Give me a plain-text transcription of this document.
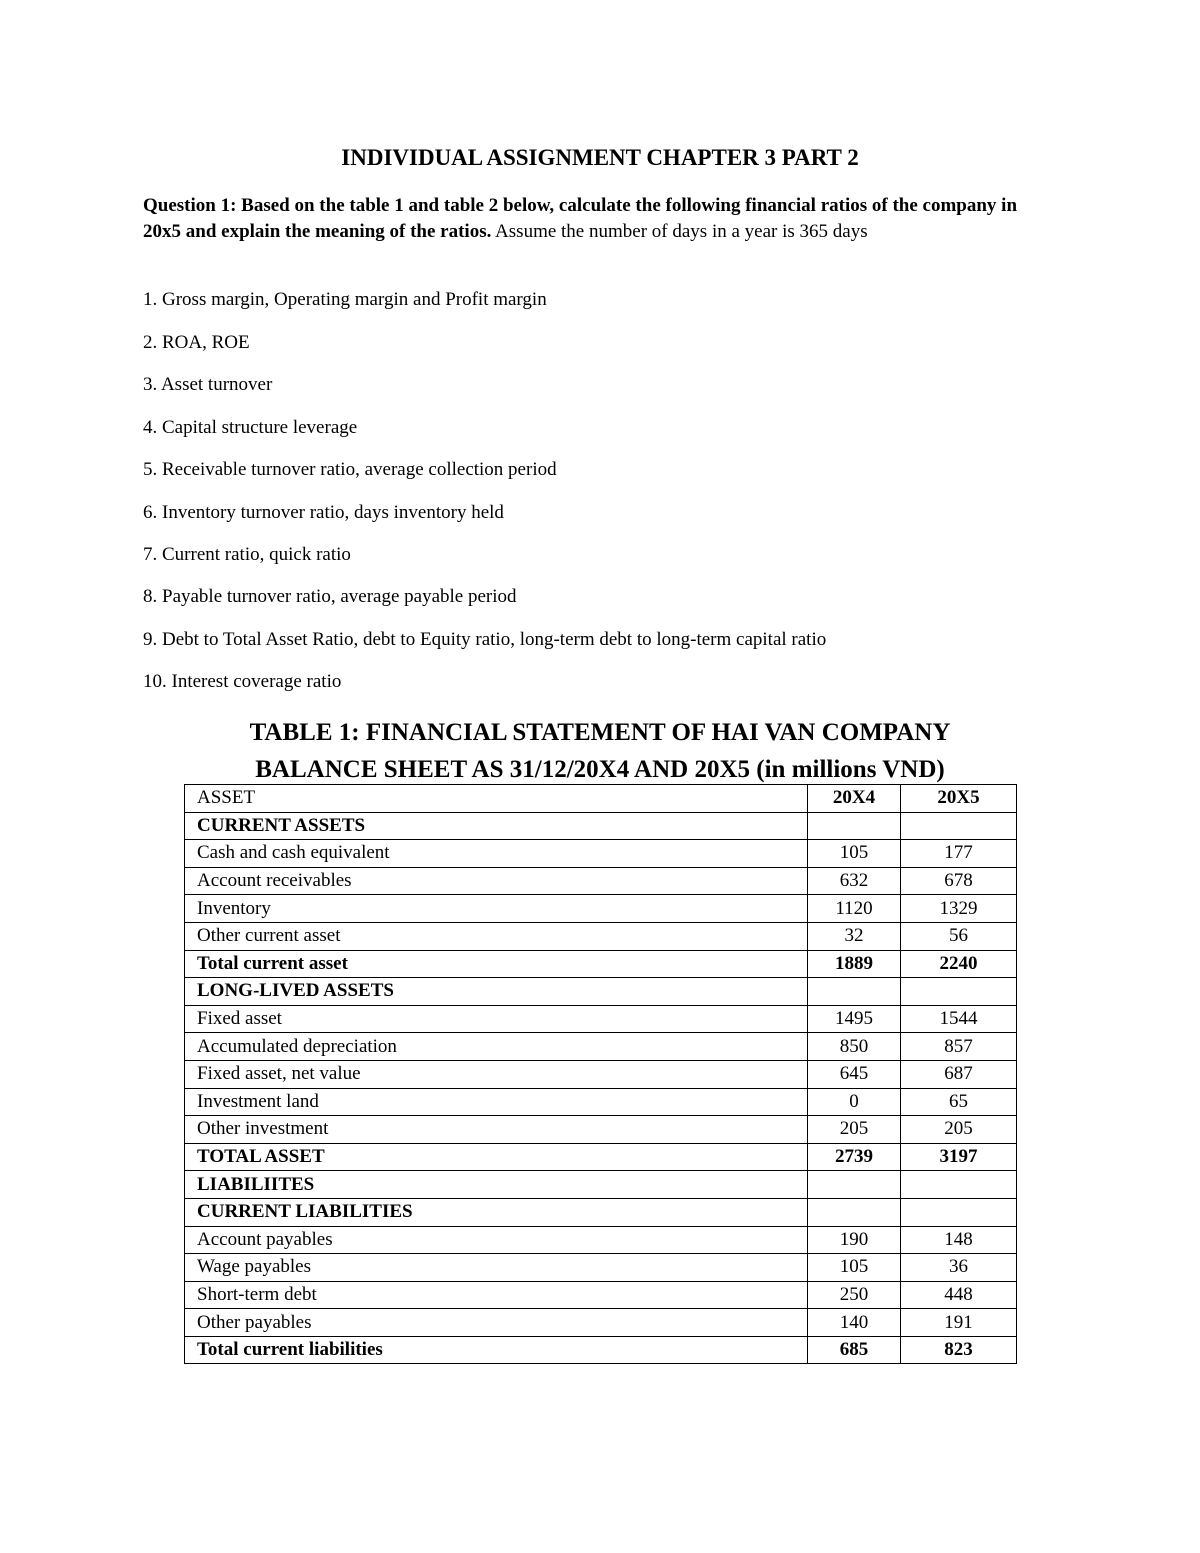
INDIVIDUAL ASSIGNMENT CHAPTER 3 PART 2
Question 1: Based on the table 1 and table 2 below, calculate the following financial ratios of the company in 20x5 and explain the meaning of the ratios. Assume the number of days in a year is 365 days
1. Gross margin, Operating margin and Profit margin
2. ROA, ROE
3. Asset turnover
4. Capital structure leverage
5. Receivable turnover ratio, average collection period
6. Inventory turnover ratio, days inventory held
7. Current ratio, quick ratio
8. Payable turnover ratio, average payable period
9. Debt to Total Asset Ratio, debt to Equity ratio, long-term debt to long-term capital ratio
10. Interest coverage ratio
TABLE 1: FINANCIAL STATEMENT OF HAI VAN COMPANY
BALANCE SHEET AS 31/12/20X4 AND 20X5 (in millions VND)
ASSET	20X4	20X5
CURRENT ASSETS		
Cash and cash equivalent	105	177
Account receivables	632	678
Inventory	1120	1329
Other current asset	32	56
Total current asset	1889	2240
LONG-LIVED ASSETS		
Fixed asset	1495	1544
Accumulated depreciation	850	857
Fixed asset, net value	645	687
Investment land	0	65
Other investment	205	205
TOTAL ASSET	2739	3197
LIABILIITES		
CURRENT LIABILITIES		
Account payables	190	148
Wage payables	105	36
Short-term debt	250	448
Other payables	140	191
Total current liabilities	685	823
